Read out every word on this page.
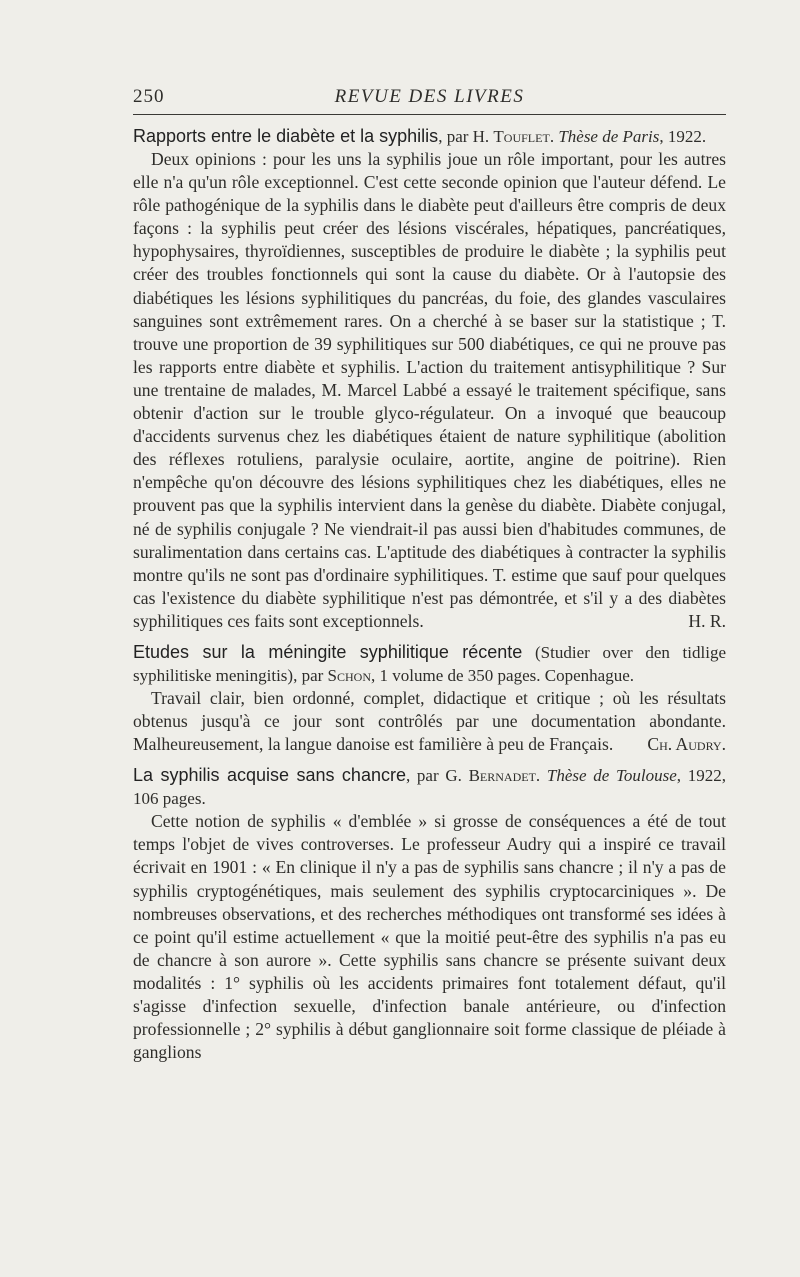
250	REVUE DES LIVRES
Rapports entre le diabète et la syphilis, par H. Touflet. Thèse de Paris, 1922.

Deux opinions : pour les uns la syphilis joue un rôle important, pour les autres elle n'a qu'un rôle exceptionnel. C'est cette seconde opinion que l'auteur défend. Le rôle pathogénique de la syphilis dans le diabète peut d'ailleurs être compris de deux façons : la syphilis peut créer des lésions viscérales, hépatiques, pancréatiques, hypophysaires, thyroïdiennes, susceptibles de produire le diabète ; la syphilis peut créer des troubles fonctionnels qui sont la cause du diabète. Or à l'autopsie des diabétiques les lésions syphilitiques du pancréas, du foie, des glandes vasculaires sanguines sont extrêmement rares. On a cherché à se baser sur la statistique ; T. trouve une proportion de 39 syphilitiques sur 500 diabétiques, ce qui ne prouve pas les rapports entre diabète et syphilis. L'action du traitement antisyphilitique ? Sur une trentaine de malades, M. Marcel Labbé a essayé le traitement spécifique, sans obtenir d'action sur le trouble glyco-régulateur. On a invoqué que beaucoup d'accidents survenus chez les diabétiques étaient de nature syphilitique (abolition des réflexes rotuliens, paralysie oculaire, aortite, angine de poitrine). Rien n'empêche qu'on découvre des lésions syphilitiques chez les diabétiques, elles ne prouvent pas que la syphilis intervient dans la genèse du diabète. Diabète conjugal, né de syphilis conjugale ? Ne viendrait-il pas aussi bien d'habitudes communes, de suralimentation dans certains cas. L'aptitude des diabétiques à contracter la syphilis montre qu'ils ne sont pas d'ordinaire syphilitiques. T. estime que sauf pour quelques cas l'existence du diabète syphilitique n'est pas démontrée, et s'il y a des diabètes syphilitiques ces faits sont exceptionnels.	H. R.

Etudes sur la méningite syphilitique récente (Studier over den tidlige syphilitiske meningitis), par Schon, 1 volume de 350 pages. Copenhague.

Travail clair, bien ordonné, complet, didactique et critique ; où les résultats obtenus jusqu'à ce jour sont contrôlés par une documentation abondante. Malheureusement, la langue danoise est familière à peu de Français.	Ch. Audry.

La syphilis acquise sans chancre, par G. Bernadet. Thèse de Toulouse, 1922, 106 pages.

Cette notion de syphilis « d'emblée » si grosse de conséquences a été de tout temps l'objet de vives controverses. Le professeur Audry qui a inspiré ce travail écrivait en 1901 : « En clinique il n'y a pas de syphilis sans chancre ; il n'y a pas de syphilis cryptogénétiques, mais seulement des syphilis cryptocarciniques ». De nombreuses observations, et des recherches méthodiques ont transformé ses idées à ce point qu'il estime actuellement « que la moitié peut-être des syphilis n'a pas eu de chancre à son aurore ». Cette syphilis sans chancre se présente suivant deux modalités : 1° syphilis où les accidents primaires font totalement défaut, qu'il s'agisse d'infection sexuelle, d'infection banale antérieure, ou d'infection professionnelle ; 2° syphilis à début ganglionnaire soit forme classique de pléiade à ganglions
